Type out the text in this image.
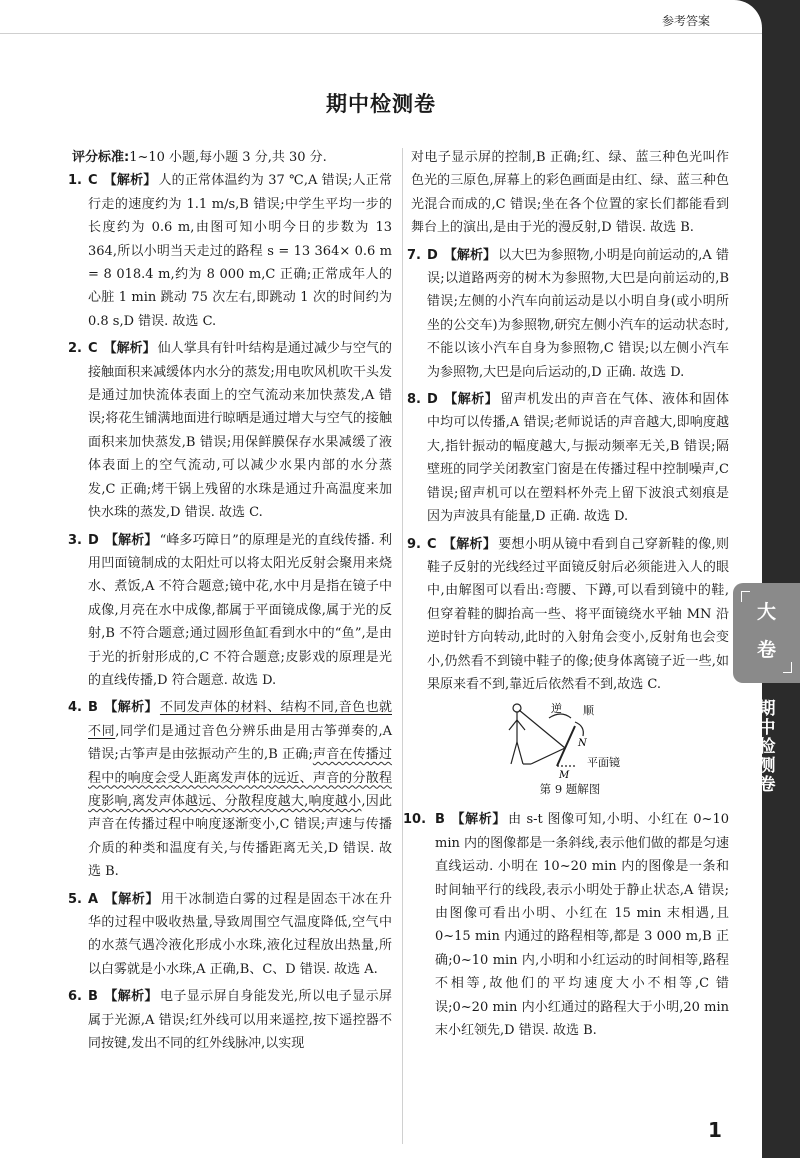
参考答案
期中检测卷

评分标准:1~10 小题,每小题 3 分,共 30 分.

1. C 【解析】 人的正常体温约为 37 ℃,A 错误;人正常行走的速度约为 1.1 m/s,B 错误;中学生平均一步的长度约为 0.6 m,由图可知小明今日的步数为 13 364,所以小明当天走过的路程 s = 13 364× 0.6 m = 8 018.4 m,约为 8 000 m,C 正确;正常成年人的心脏 1 min 跳动 75 次左右,即跳动 1 次的时间约为 0.8 s,D 错误. 故选 C.
2. C 【解析】 仙人掌具有针叶结构是通过减少与空气的接触面积来减缓体内水分的蒸发;用电吹风机吹干头发是通过加快流体表面上的空气流动来加快蒸发,A 错误;将花生铺满地面进行晾晒是通过增大与空气的接触面积来加快蒸发,B 错误;用保鲜膜保存水果减缓了液体表面上的空气流动,可以减少水果内部的水分蒸发,C 正确;烤干锅上残留的水珠是通过升高温度来加快水珠的蒸发,D 错误. 故选 C.
3. D 【解析】 “峰多巧障日”的原理是光的直线传播. 利用凹面镜制成的太阳灶可以将太阳光反射会聚用来烧水、煮饭,A 不符合题意;镜中花,水中月是指在镜子中成像,月亮在水中成像,都属于平面镜成像,属于光的反射,B 不符合题意;通过圆形鱼缸看到水中的“鱼”,是由于光的折射形成的,C 不符合题意;皮影戏的原理是光的直线传播,D 符合题意. 故选 D.
4. B 【解析】 不同发声体的材料、结构不同,音色也就不同,同学们是通过音色分辨乐曲是用古筝弹奏的,A 错误;古筝声是由弦振动产生的,B 正确;声音在传播过程中的响度会受人距离发声体的远近、声音的分散程度影响,离发声体越远、分散程度越大,响度越小,因此声音在传播过程中响度逐渐变小,C 错误;声速与传播介质的种类和温度有关,与传播距离无关,D 错误. 故选 B.
5. A 【解析】 用干冰制造白雾的过程是固态干冰在升华的过程中吸收热量,导致周围空气温度降低,空气中的水蒸气遇冷液化形成小水珠,液化过程放出热量,所以白雾就是小水珠,A 正确,B、C、D 错误. 故选 A.
6. B 【解析】 电子显示屏自身能发光,所以电子显示屏属于光源,A 错误;红外线可以用来遥控,按下遥控器不同按键,发出不同的红外线脉冲,以实现
对电子显示屏的控制,B 正确;红、绿、蓝三种色光叫作色光的三原色,屏幕上的彩色画面是由红、绿、蓝三种色光混合而成的,C 错误;坐在各个位置的家长们都能看到舞台上的演出,是由于光的漫反射,D 错误. 故选 B.
7. D 【解析】 以大巴为参照物,小明是向前运动的,A 错误;以道路两旁的树木为参照物,大巴是向前运动的,B 错误;左侧的小汽车向前运动是以小明自身(或小明所坐的公交车)为参照物,研究左侧小汽车的运动状态时,不能以该小汽车自身为参照物,C 错误;以左侧小汽车为参照物,大巴是向后运动的,D 正确. 故选 D.
8. D 【解析】 留声机发出的声音在气体、液体和固体中均可以传播,A 错误;老师说话的声音越大,即响度越大,指针振动的幅度越大,与振动频率无关,B 错误;隔壁班的同学关闭教室门窗是在传播过程中控制噪声,C 错误;留声机可以在塑料杯外壳上留下波浪式刻痕是因为声波具有能量,D 正确. 故选 D.
9. C 【解析】 要想小明从镜中看到自己穿新鞋的像,则鞋子反射的光线经过平面镜反射后必须能进入人的眼中,由解图可以看出:弯腰、下蹲,可以看到镜中的鞋,但穿着鞋的脚抬高一些、将平面镜绕水平轴 MN 沿逆时针方向转动,此时的入射角会变小,反射角也会变小,仍然看不到镜中鞋子的像;使身体离镜子近一些,如果原来看不到,靠近后依然看不到,故选 C.
逆 顺
N
M
平面镜
第 9 题解图
10. B 【解析】 由 s-t 图像可知,小明、小红在 0~10 min 内的图像都是一条斜线,表示他们做的都是匀速直线运动. 小明在 10~20 min 内的图像是一条和时间轴平行的线段,表示小明处于静止状态,A 错误;由图像可看出小明、小红在 15 min 末相遇,且 0~15 min 内通过的路程相等,都是 3 000 m,B 正确;0~10 min 内,小明和小红运动的时间相等,路程不相等,故他们的平均速度大小不相等,C 错误;0~20 min 内小红通过的路程大于小明,20 min 末小红领先,D 错误. 故选 B.
1
大
卷
期
中
检
测
卷
